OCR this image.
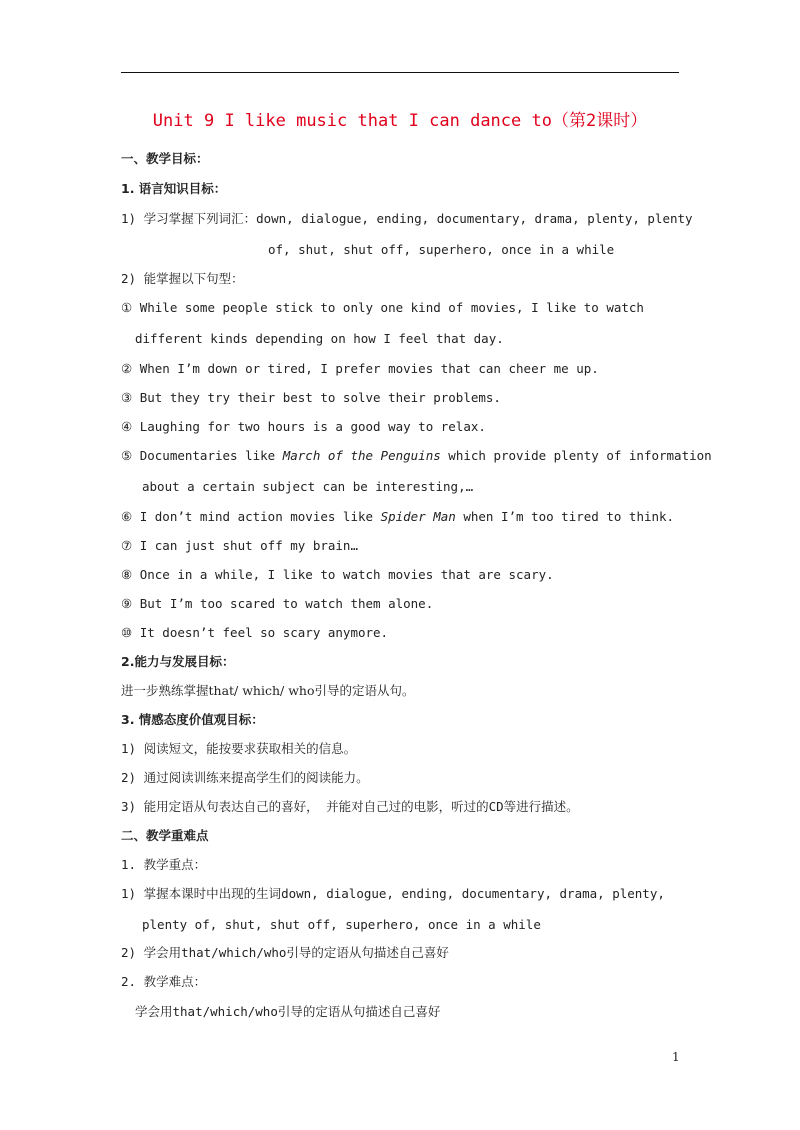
Unit 9 I like music that I can dance to（第2课时）
一、教学目标：
1. 语言知识目标：
1) 学习掌握下列词汇：down, dialogue, ending, documentary, drama, plenty, plenty
of, shut, shut off, superhero, once in a while
2) 能掌握以下句型：
① While some people stick to only one kind of movies, I like to watch
different kinds depending on how I feel that day.
② When I’m down or tired, I prefer movies that can cheer me up.
③ But they try their best to solve their problems.
④ Laughing for two hours is a good way to relax.
⑤ Documentaries like March of the Penguins which provide plenty of information
about a certain subject can be interesting,…
⑥ I don’t mind action movies like Spider Man when I’m too tired to think.
⑦ I can just shut off my brain…
⑧ Once in a while, I like to watch movies that are scary.
⑨ But I’m too scared to watch them alone.
⑩ It doesn’t feel so scary anymore.
2.能力与发展目标：
进一步熟练掌握that/ which/ who引导的定语从句。
3. 情感态度价值观目标：
1) 阅读短文，能按要求获取相关的信息。
2) 通过阅读训练来提高学生们的阅读能力。
3) 能用定语从句表达自己的喜好， 并能对自己过的电影，听过的CD等进行描述。
二、教学重难点
1. 教学重点：
1) 掌握本课时中出现的生词down, dialogue, ending, documentary, drama, plenty,
plenty of, shut, shut off, superhero, once in a while
2) 学会用that/which/who引导的定语从句描述自己喜好
2. 教学难点：
学会用that/which/who引导的定语从句描述自己喜好
1
